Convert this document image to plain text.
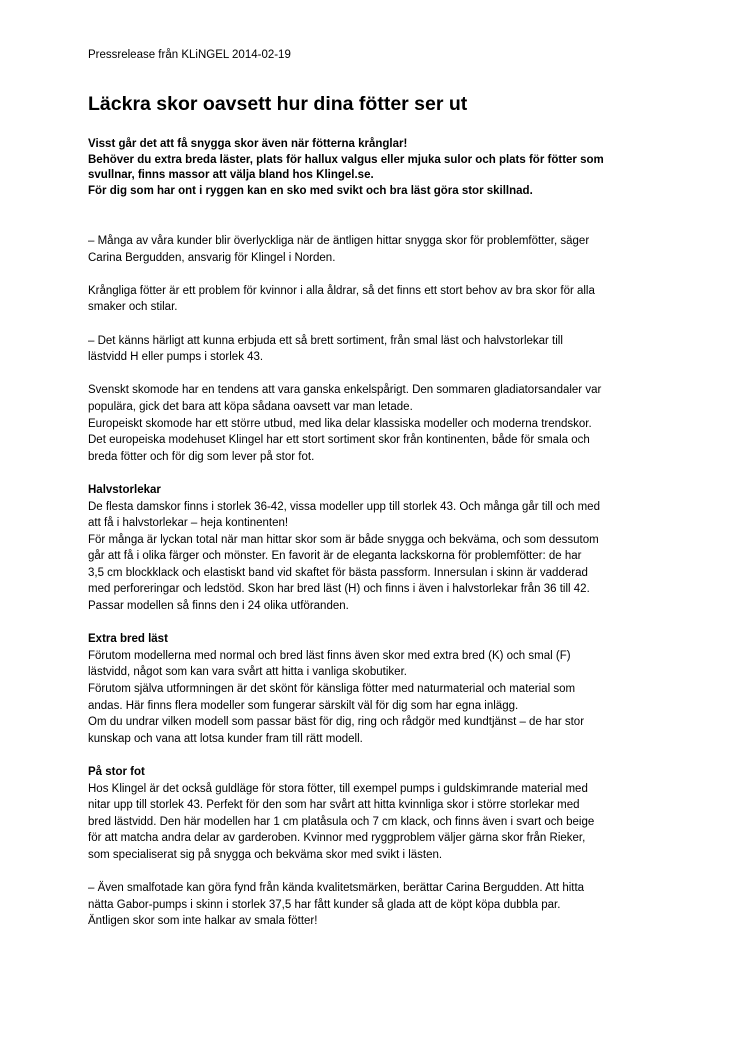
Pressrelease från KLiNGEL 2014-02-19
Läckra skor oavsett hur dina fötter ser ut
Visst går det att få snygga skor även när fötterna krånglar!
Behöver du extra breda läster, plats för hallux valgus eller mjuka sulor och plats för fötter som
svullnar, finns massor att välja bland hos Klingel.se.
För dig som har ont i ryggen kan en sko med svikt och bra läst göra stor skillnad.

– Många av våra kunder blir överlyckliga när de äntligen hittar snygga skor för problemfötter, säger
Carina Bergudden, ansvarig för Klingel i Norden.

Krångliga fötter är ett problem för kvinnor i alla åldrar, så det finns ett stort behov av bra skor för alla
smaker och stilar.

– Det känns härligt att kunna erbjuda ett så brett sortiment, från smal läst och halvstorlekar till
lästvidd H eller pumps i storlek 43.

Svenskt skomode har en tendens att vara ganska enkelspårigt. Den sommaren gladiatorsandaler var
populära, gick det bara att köpa sådana oavsett var man letade.
Europeiskt skomode har ett större utbud, med lika delar klassiska modeller och moderna trendskor.
Det europeiska modehuset Klingel har ett stort sortiment skor från kontinenten, både för smala och
breda fötter och för dig som lever på stor fot.

Halvstorlekar
De flesta damskor finns i storlek 36-42, vissa modeller upp till storlek 43. Och många går till och med
att få i halvstorlekar – heja kontinenten!
För många är lyckan total när man hittar skor som är både snygga och bekväma, och som dessutom
går att få i olika färger och mönster. En favorit är de eleganta lackskorna för problemfötter: de har
3,5 cm blockklack och elastiskt band vid skaftet för bästa passform. Innersulan i skinn är vadderad
med perforeringar och ledstöd. Skon har bred läst (H) och finns i även i halvstorlekar från 36 till 42.
Passar modellen så finns den i 24 olika utföranden.
Extra bred läst
Förutom modellerna med normal och bred läst finns även skor med extra bred (K) och smal (F)
lästvidd, något som kan vara svårt att hitta i vanliga skobutiker.
Förutom själva utformningen är det skönt för känsliga fötter med naturmaterial och material som
andas. Här finns flera modeller som fungerar särskilt väl för dig som har egna inlägg.
Om du undrar vilken modell som passar bäst för dig, ring och rådgör med kundtjänst – de har stor
kunskap och vana att lotsa kunder fram till rätt modell.
På stor fot
Hos Klingel är det också guldläge för stora fötter, till exempel pumps i guldskimrande material med
nitar upp till storlek 43. Perfekt för den som har svårt att hitta kvinnliga skor i större storlekar med
bred lästvidd. Den här modellen har 1 cm platåsula och 7 cm klack, och finns även i svart och beige
för att matcha andra delar av garderoben. Kvinnor med ryggproblem väljer gärna skor från Rieker,
som specialiserat sig på snygga och bekväma skor med svikt i lästen.

– Även smalfotade kan göra fynd från kända kvalitetsmärken, berättar Carina Bergudden. Att hitta
nätta Gabor-pumps i skinn i storlek 37,5 har fått kunder så glada att de köpt köpa dubbla par.
Äntligen skor som inte halkar av smala fötter!
